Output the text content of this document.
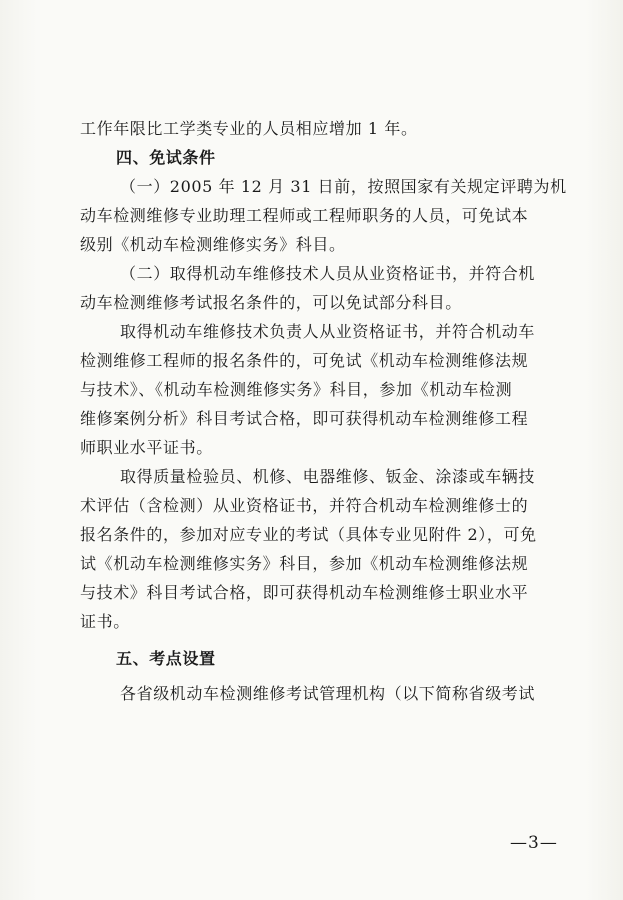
工作年限比工学类专业的人员相应增加 1 年。
四、免试条件
（一）2005 年 12 月 31 日前，按照国家有关规定评聘为机
动车检测维修专业助理工程师或工程师职务的人员，可免试本
级别《机动车检测维修实务》科目。
（二）取得机动车维修技术人员从业资格证书，并符合机
动车检测维修考试报名条件的，可以免试部分科目。
取得机动车维修技术负责人从业资格证书，并符合机动车
检测维修工程师的报名条件的，可免试《机动车检测维修法规
与技术》、《机动车检测维修实务》科目，参加《机动车检测
维修案例分析》科目考试合格，即可获得机动车检测维修工程
师职业水平证书。
取得质量检验员、机修、电器维修、钣金、涂漆或车辆技
术评估（含检测）从业资格证书，并符合机动车检测维修士的
报名条件的，参加对应专业的考试（具体专业见附件 2），可免
试《机动车检测维修实务》科目，参加《机动车检测维修法规
与技术》科目考试合格，即可获得机动车检测维修士职业水平
证书。
五、考点设置
各省级机动车检测维修考试管理机构（以下简称省级考试
—3—
